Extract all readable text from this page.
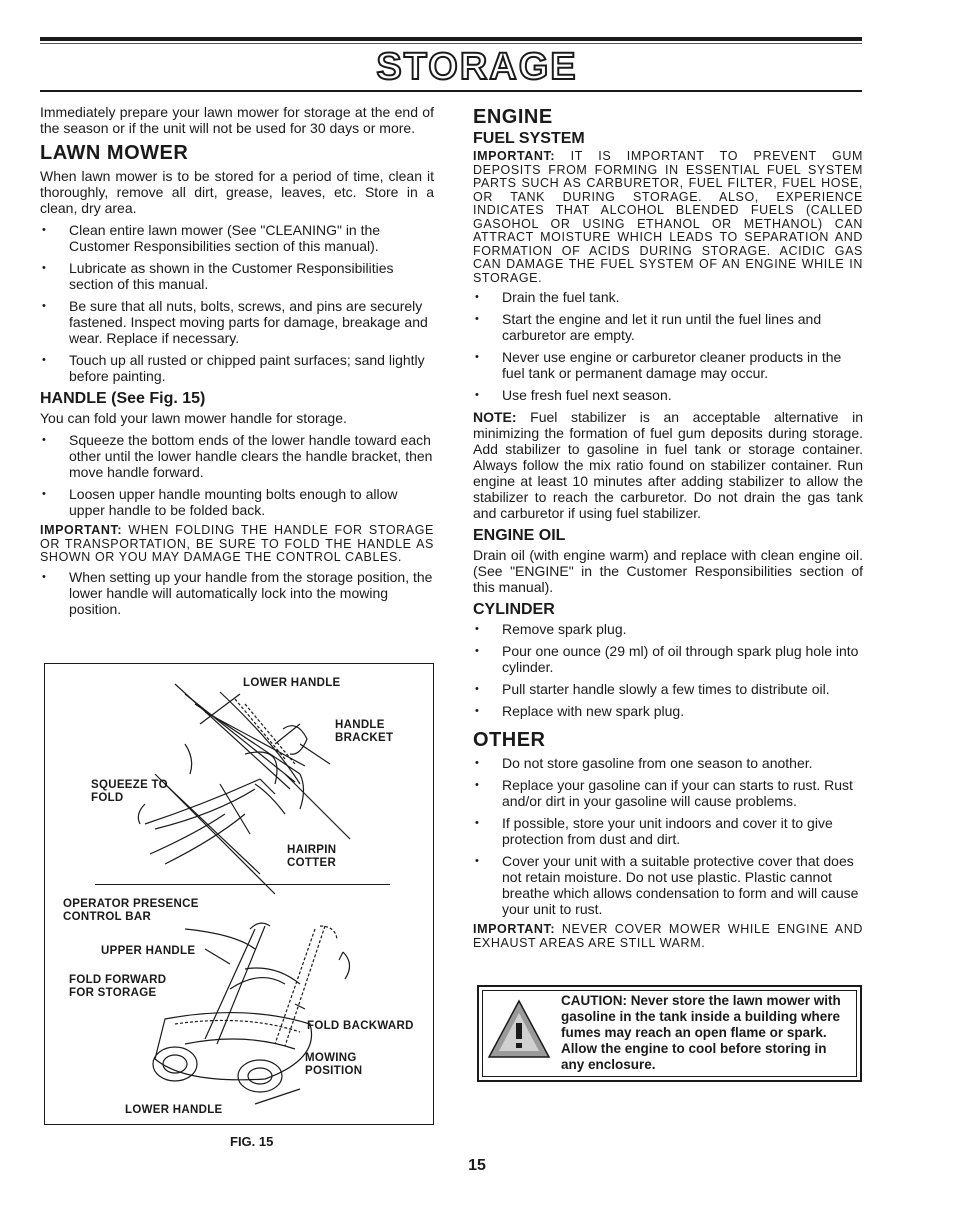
STORAGE

Immediately prepare your lawn mower for storage at the end of the season or if the unit will not be used for 30 days or more.

LAWN MOWER

When lawn mower is to be stored for a period of time, clean it thoroughly, remove all dirt, grease, leaves, etc. Store in a clean, dry area.

• Clean entire lawn mower (See "CLEANING" in the Customer Responsibilities section of this manual).
• Lubricate as shown in the Customer Responsibilities section of this manual.
• Be sure that all nuts, bolts, screws, and pins are securely fastened. Inspect moving parts for damage, breakage and wear. Replace if necessary.
• Touch up all rusted or chipped paint surfaces; sand lightly before painting.
HANDLE (See Fig. 15)

You can fold your lawn mower handle for storage.

• Squeeze the bottom ends of the lower handle toward each other until the lower handle clears the handle bracket, then move handle forward.
• Loosen upper handle mounting bolts enough to allow upper handle to be folded back.

IMPORTANT: WHEN FOLDING THE HANDLE FOR STORAGE OR TRANSPORTATION, BE SURE TO FOLD THE HANDLE AS SHOWN OR YOU MAY DAMAGE THE CONTROL CABLES.

• When setting up your handle from the storage position, the lower handle will automatically lock into the mowing position.
LOWER HANDLE
HANDLE
BRACKET
SQUEEZE TO
FOLD
HAIRPIN
COTTER
OPERATOR PRESENCE
CONTROL BAR
UPPER HANDLE
FOLD FORWARD
FOR STORAGE
FOLD BACKWARD
MOWING
POSITION
LOWER HANDLE
FIG. 15
ENGINE
FUEL SYSTEM

IMPORTANT: IT IS IMPORTANT TO PREVENT GUM DEPOSITS FROM FORMING IN ESSENTIAL FUEL SYSTEM PARTS SUCH AS CARBURETOR, FUEL FILTER, FUEL HOSE, OR TANK DURING STORAGE. ALSO, EXPERIENCE INDICATES THAT ALCOHOL BLENDED FUELS (CALLED GASOHOL OR USING ETHANOL OR METHANOL) CAN ATTRACT MOISTURE WHICH LEADS TO SEPARATION AND FORMATION OF ACIDS DURING STORAGE. ACIDIC GAS CAN DAMAGE THE FUEL SYSTEM OF AN ENGINE WHILE IN STORAGE.

• Drain the fuel tank.
• Start the engine and let it run until the fuel lines and carburetor are empty.
• Never use engine or carburetor cleaner products in the fuel tank or permanent damage may occur.
• Use fresh fuel next season.

NOTE: Fuel stabilizer is an acceptable alternative in minimizing the formation of fuel gum deposits during storage. Add stabilizer to gasoline in fuel tank or storage container. Always follow the mix ratio found on stabilizer container. Run engine at least 10 minutes after adding stabilizer to allow the stabilizer to reach the carburetor. Do not drain the gas tank and carburetor if using fuel stabilizer.

ENGINE OIL

Drain oil (with engine warm) and replace with clean engine oil. (See "ENGINE" in the Customer Responsibilities section of this manual).

CYLINDER
• Remove spark plug.
• Pour one ounce (29 ml) of oil through spark plug hole into cylinder.
• Pull starter handle slowly a few times to distribute oil.
• Replace with new spark plug.
OTHER
• Do not store gasoline from one season to another.
• Replace your gasoline can if your can starts to rust. Rust and/or dirt in your gasoline will cause problems.
• If possible, store your unit indoors and cover it to give protection from dust and dirt.
• Cover your unit with a suitable protective cover that does not retain moisture. Do not use plastic. Plastic cannot breathe which allows condensation to form and will cause your unit to rust.

IMPORTANT: NEVER COVER MOWER WHILE ENGINE AND EXHAUST AREAS ARE STILL WARM.

CAUTION: Never store the lawn mower with gasoline in the tank inside a building where fumes may reach an open flame or spark. Allow the engine to cool before storing in any enclosure.
15
